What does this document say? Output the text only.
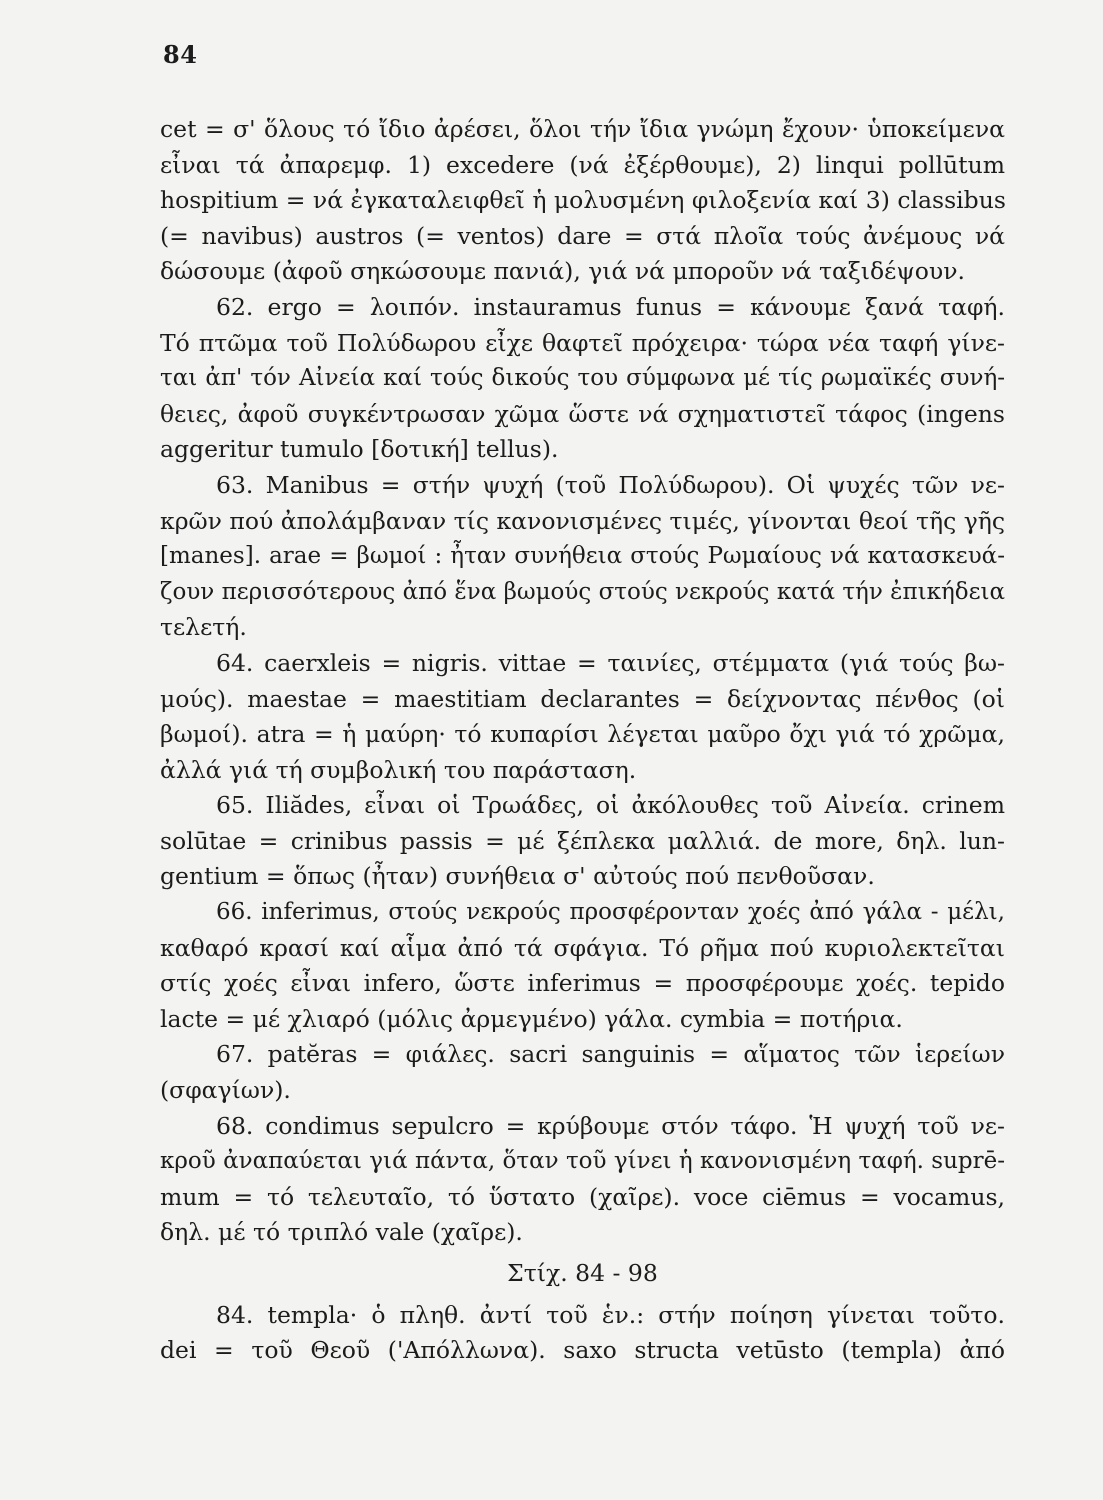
84
cet = σ' ὅλους τό ἴδιο ἀρέσει, ὅλοι τήν ἴδια γνώμη ἔχουν· ὑποκείμενα
εἶναι τά ἀπαρεμφ. 1) excedere (νά ἐξέρθουμε), 2) linqui pollūtum
hospitium = νά ἐγκαταλειφθεῖ ἡ μολυσμένη φιλοξενία καί 3) classibus
(= navibus) austros (= ventos) dare = στά πλοῖα τούς ἀνέμους νά
δώσουμε (ἀφοῦ σηκώσουμε πανιά), γιά νά μποροῦν νά ταξιδέψουν.
62. ergo = λοιπόν. instauramus funus = κάνουμε ξανά ταφή.
Τό πτῶμα τοῦ Πολύδωρου εἶχε θαφτεῖ πρόχειρα· τώρα νέα ταφή γίνε-
ται ἀπ' τόν Αἰνεία καί τούς δικούς του σύμφωνα μέ τίς ρωμαϊκές συνή-
θειες, ἀφοῦ συγκέντρωσαν χῶμα ὥστε νά σχηματιστεῖ τάφος (ingens
aggeritur tumulo [δοτική] tellus).
63. Manibus = στήν ψυχή (τοῦ Πολύδωρου). Οἱ ψυχές τῶν νε-
κρῶν πού ἀπολάμβαναν τίς κανονισμένες τιμές, γίνονται θεοί τῆς γῆς
[manes]. arae = βωμοί : ἦταν συνήθεια στούς Ρωμαίους νά κατασκευά-
ζουν περισσότερους ἀπό ἕνα βωμούς στούς νεκρούς κατά τήν ἐπικήδεια
τελετή.
64. caerxleis = nigris. vittae = ταινίες, στέμματα (γιά τούς βω-
μούς). maestae = maestitiam declarantes = δείχνοντας πένθος (οἱ
βωμοί). atra = ἡ μαύρη· τό κυπαρίσι λέγεται μαῦρο ὄχι γιά τό χρῶμα,
ἀλλά γιά τή συμβολική του παράσταση.
65. Iliădes, εἶναι οἱ Τρωάδες, οἱ ἀκόλουθες τοῦ Αἰνεία. crinem
solūtae = crinibus passis = μέ ξέπλεκα μαλλιά. de more, δηλ. lun-
gentium = ὅπως (ἦταν) συνήθεια σ' αὐτούς πού πενθοῦσαν.
66. inferimus, στούς νεκρούς προσφέρονταν χοές ἀπό γάλα - μέλι,
καθαρό κρασί καί αἷμα ἀπό τά σφάγια. Τό ρῆμα πού κυριολεκτεῖται
στίς χοές εἶναι infero, ὥστε inferimus = προσφέρουμε χοές. tepido
lacte = μέ χλιαρό (μόλις ἀρμεγμένο) γάλα. cymbia = ποτήρια.
67. patĕras = φιάλες. sacri sanguinis = αἵματος τῶν ἱερείων
(σφαγίων).
68. condimus sepulcro = κρύβουμε στόν τάφο. Ἡ ψυχή τοῦ νε-
κροῦ ἀναπαύεται γιά πάντα, ὅταν τοῦ γίνει ἡ κανονισμένη ταφή. suprē-
mum = τό τελευταῖο, τό ὕστατο (χαῖρε). voce ciēmus = vocamus,
δηλ. μέ τό τριπλό vale (χαῖρε).
Στίχ. 84 - 98
84. templa· ὁ πληθ. ἀντί τοῦ ἑν.: στήν ποίηση γίνεται τοῦτο.
dei = τοῦ Θεοῦ ('Απόλλωνα). saxo structa vetūsto (templa) ἀπό
